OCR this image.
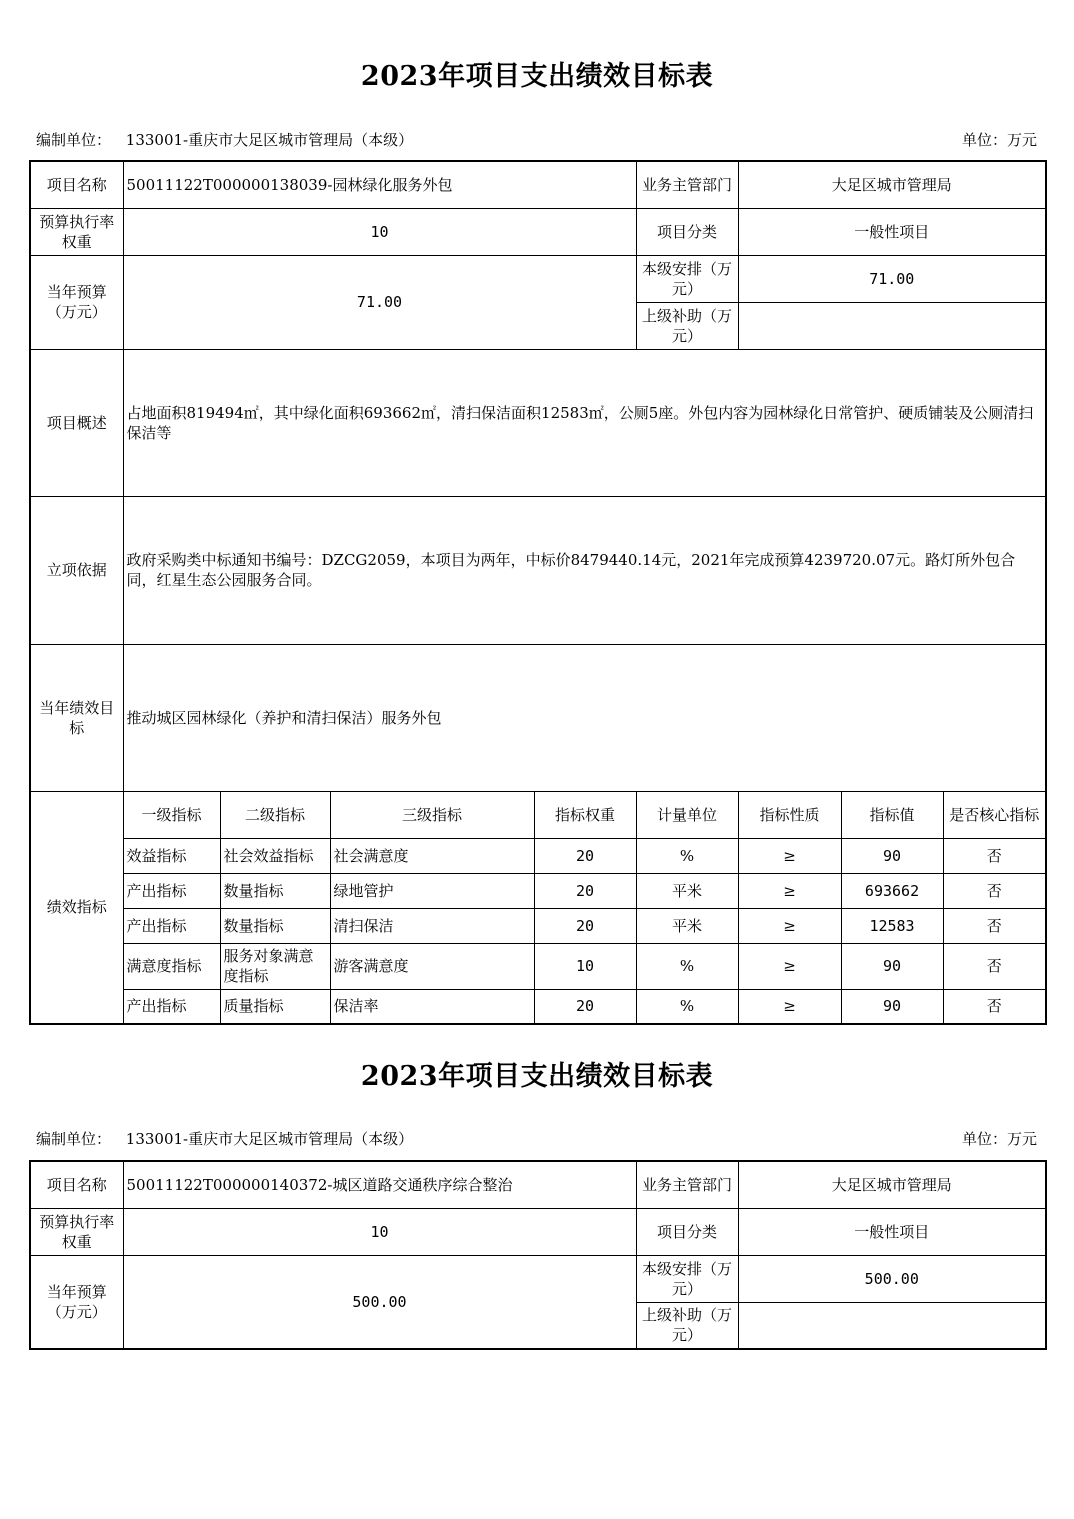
2023年项目支出绩效目标表
编制单位： 133001-重庆市大足区城市管理局（本级）	单位：万元
项目名称	50011122T000000138039-园林绿化服务外包				业务主管部门	大足区城市管理局		
预算执行率权重	10				项目分类	一般性项目		
当年预算（万元）	71.00				本级安排（万元）	71.00		
					上级补助（万元）			
项目概述	占地面积819494㎡，其中绿化面积693662㎡，清扫保洁面积12583㎡，公厕5座。外包内容为园林绿化日常管护、硬质铺装及公厕清扫保洁等							
立项依据	政府采购类中标通知书编号：DZCG2059，本项目为两年，中标价8479440.14元，2021年完成预算4239720.07元。路灯所外包合同，红星生态公园服务合同。							
当年绩效目标	推动城区园林绿化（养护和清扫保洁）服务外包							
绩效指标	一级指标	二级指标	三级指标	指标权重	计量单位	指标性质	指标值	是否核心指标
	效益指标	社会效益指标	社会满意度	20	%	≥	90	否
	产出指标	数量指标	绿地管护	20	平米	≥	693662	否
	产出指标	数量指标	清扫保洁	20	平米	≥	12583	否
	满意度指标	服务对象满意度指标	游客满意度	10	%	≥	90	否
	产出指标	质量指标	保洁率	20	%	≥	90	否
2023年项目支出绩效目标表
编制单位： 133001-重庆市大足区城市管理局（本级）	单位：万元
项目名称	50011122T000000140372-城区道路交通秩序综合整治	业务主管部门	大足区城市管理局
预算执行率权重	10	项目分类	一般性项目
当年预算（万元）	500.00	本级安排（万元）	500.00
		上级补助（万元）	
